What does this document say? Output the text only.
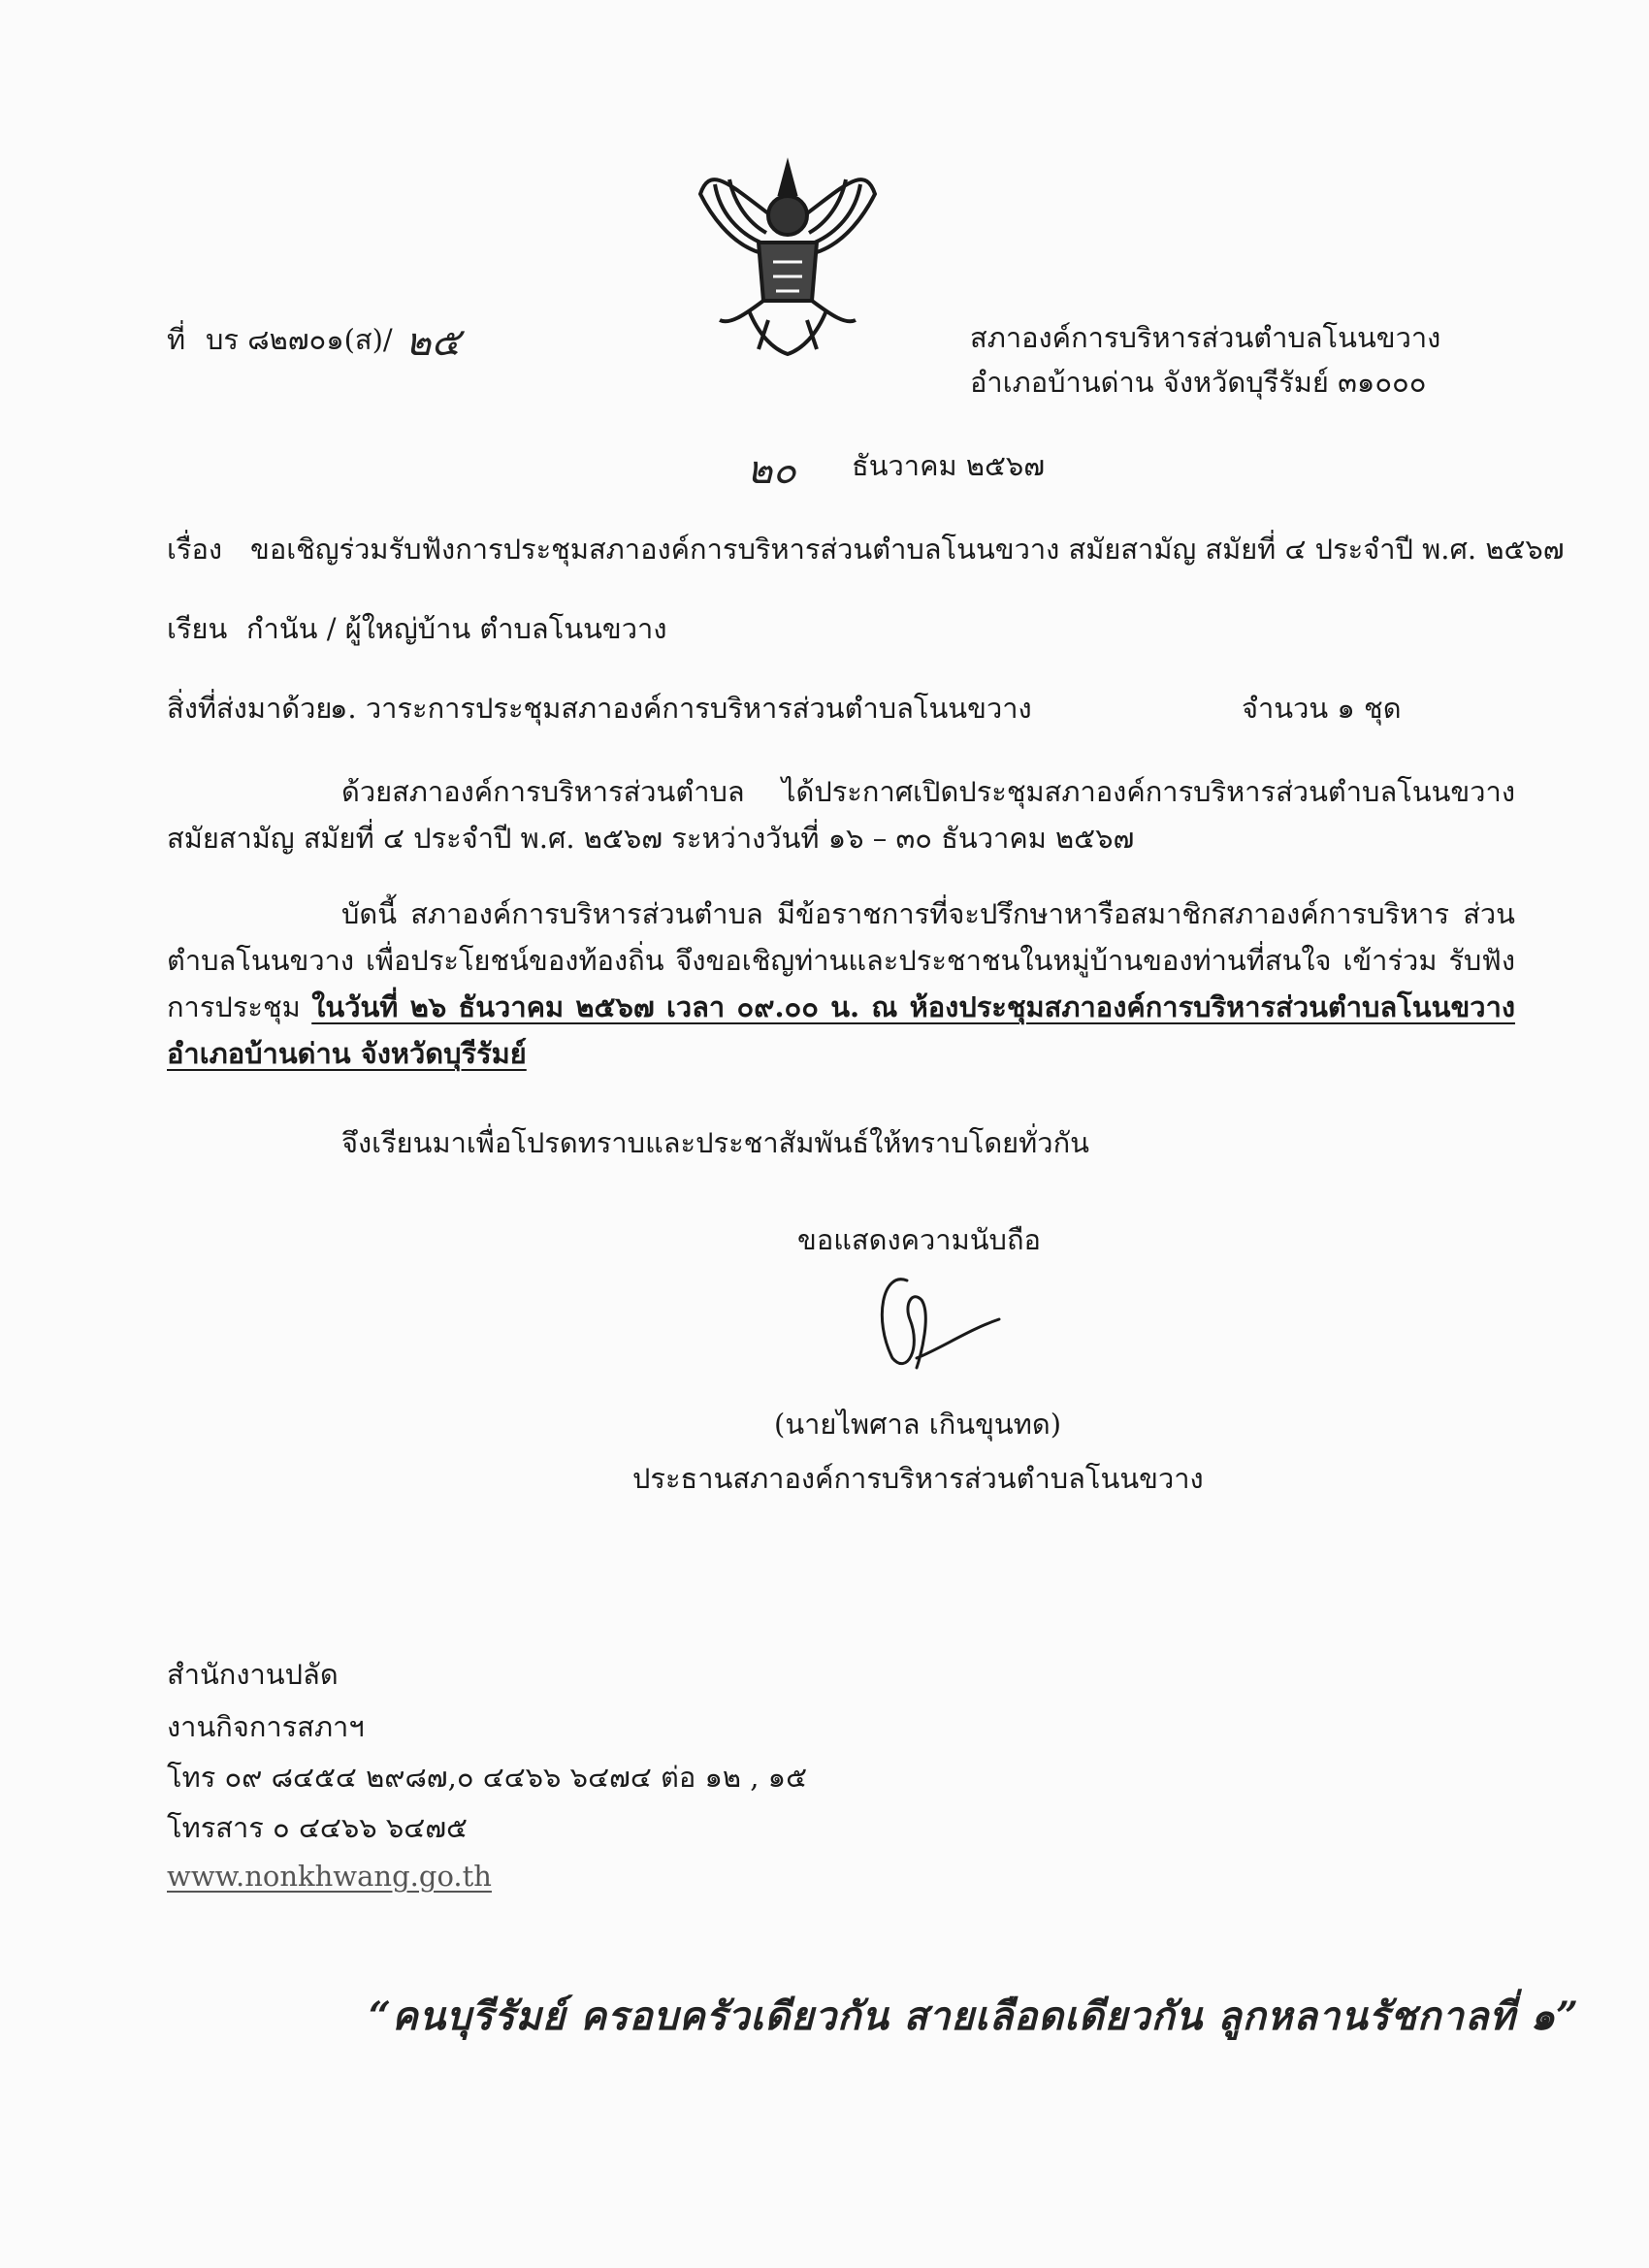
ที่ บร ๘๒๗๐๑(ส)/ ๒๕	สภาองค์การบริหารส่วนตำบลโนนขวาง
อำเภอบ้านด่าน จังหวัดบุรีรัมย์ ๓๑๐๐๐
๒๐ ธันวาคม ๒๕๖๗
เรื่อง ขอเชิญร่วมรับฟังการประชุมสภาองค์การบริหารส่วนตำบลโนนขวาง สมัยสามัญ สมัยที่ ๔ ประจำปี พ.ศ. ๒๕๖๗
เรียน กำนัน / ผู้ใหญ่บ้าน ตำบลโนนขวาง
สิ่งที่ส่งมาด้วย
๑. วาระการประชุมสภาองค์การบริหารส่วนตำบลโนนขวาง	จำนวน ๑ ชุด
ด้วยสภาองค์การบริหารส่วนตำบล ได้ประกาศเปิดประชุมสภาองค์การบริหารส่วนตำบลโนนขวาง สมัยสามัญ สมัยที่ ๔ ประจำปี พ.ศ. ๒๕๖๗ ระหว่างวันที่ ๑๖ – ๓๐ ธันวาคม ๒๕๖๗
บัดนี้ สภาองค์การบริหารส่วนตำบล มีข้อราชการที่จะปรึกษาหารือสมาชิกสภาองค์การบริหาร ส่วนตำบลโนนขวาง เพื่อประโยชน์ของท้องถิ่น จึงขอเชิญท่านและประชาชนในหมู่บ้านของท่านที่สนใจ เข้าร่วม รับฟังการประชุม ในวันที่ ๒๖ ธันวาคม ๒๕๖๗ เวลา ๐๙.๐๐ น. ณ ห้องประชุมสภาองค์การบริหารส่วนตำบลโนนขวาง อำเภอบ้านด่าน จังหวัดบุรีรัมย์
จึงเรียนมาเพื่อโปรดทราบและประชาสัมพันธ์ให้ทราบโดยทั่วกัน
ขอแสดงความนับถือ
(นายไพศาล เกินขุนทด)
ประธานสภาองค์การบริหารส่วนตำบลโนนขวาง
สำนักงานปลัด
งานกิจการสภาฯ
โทร ๐๙ ๘๔๕๔ ๒๙๘๗,๐ ๔๔๖๖ ๖๔๗๔ ต่อ ๑๒ , ๑๕
โทรสาร ๐ ๔๔๖๖ ๖๔๗๕
www.nonkhwang.go.th
“คนบุรีรัมย์ ครอบครัวเดียวกัน สายเลือดเดียวกัน ลูกหลานรัชกาลที่ ๑”
